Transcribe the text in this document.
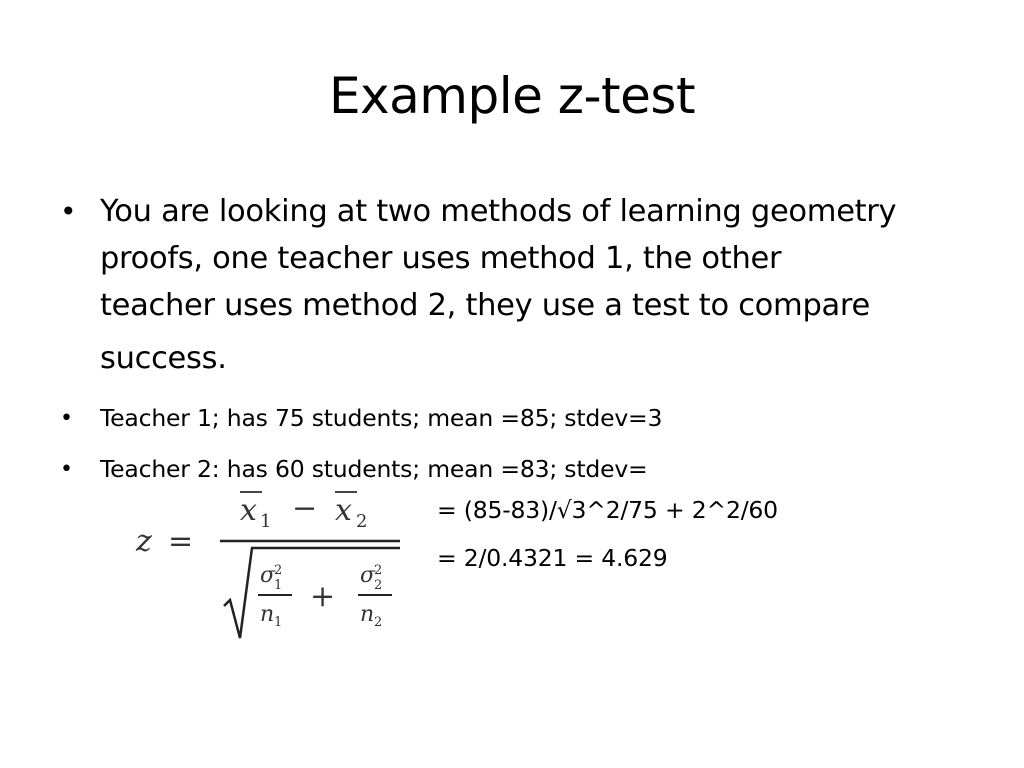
Example z-test
• You are looking at two methods of learning geometry
proofs, one teacher uses method 1, the other
teacher uses method 2, they use a test to compare
success.
• Teacher 1; has 75 students; mean =85; stdev=3
• Teacher 2: has 60 students; mean =83; stdev=
z =
x 1 − x 2
σ
2
1
n 1
+
σ
2
2
n 2
= (85-83)/√3^2/75 + 2^2/60
= 2/0.4321 = 4.629
